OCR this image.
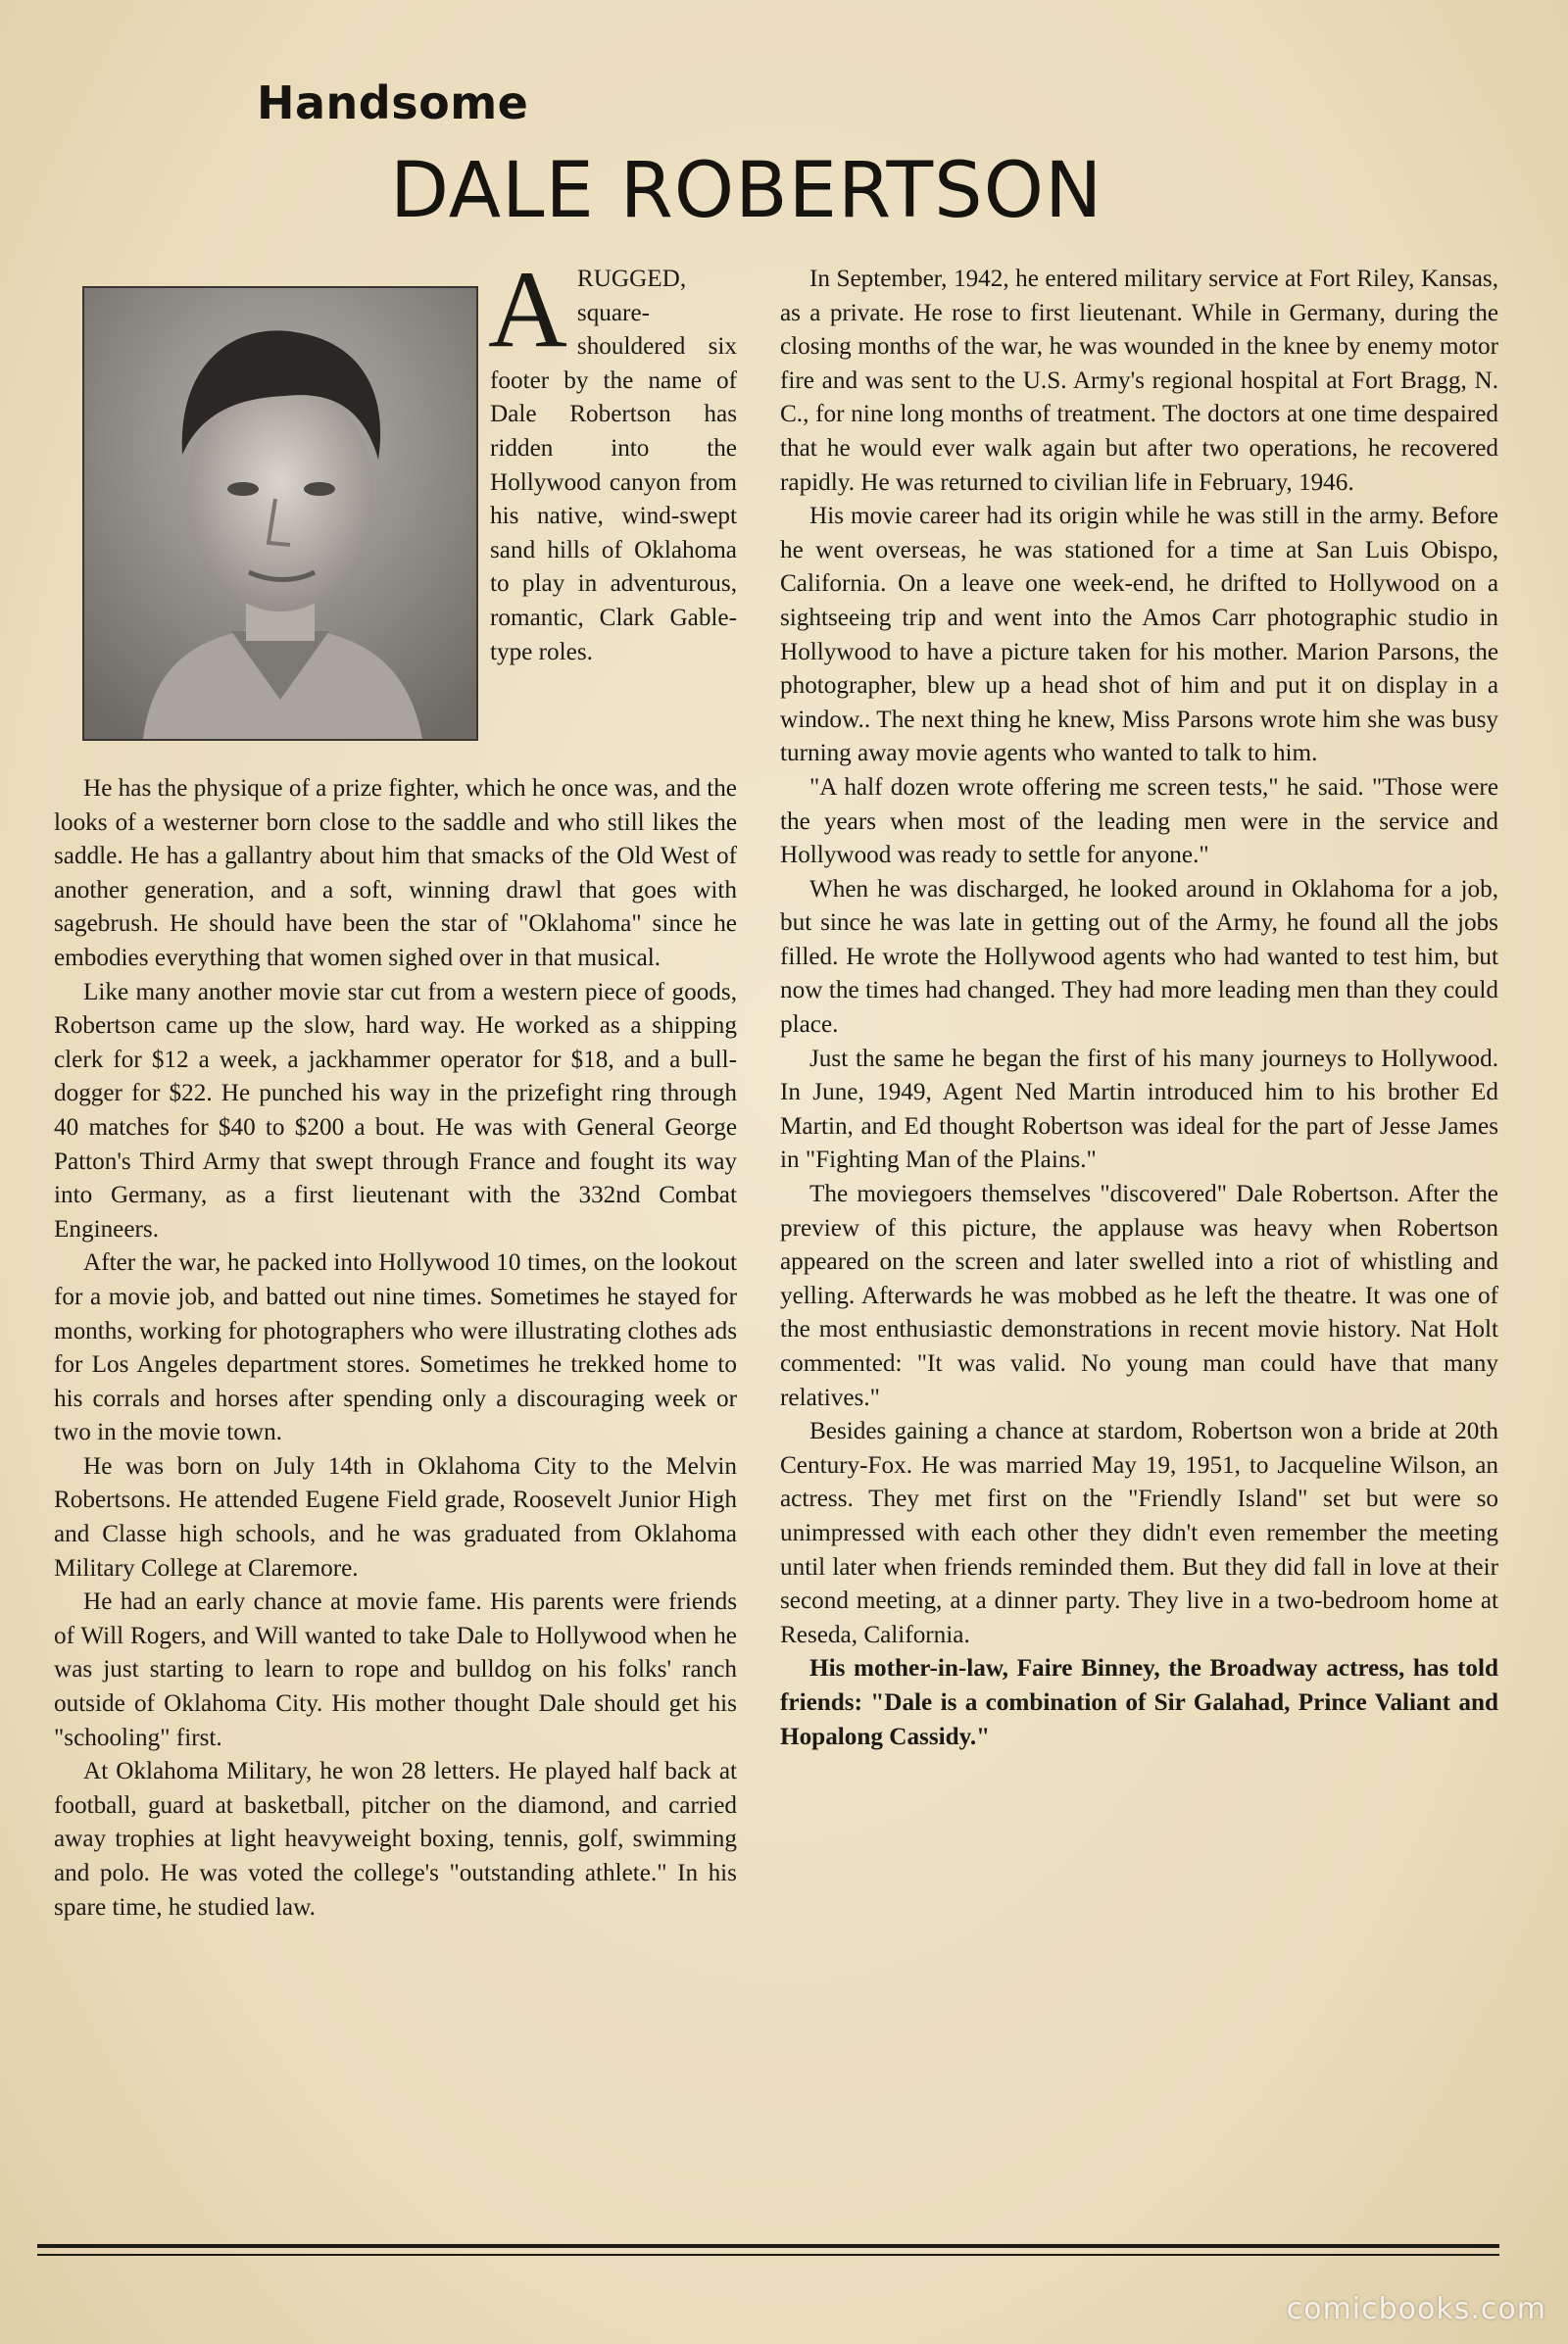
Handsome
DALE ROBERTSON
ARUGGED, square-shouldered six footer by the name of Dale Robertson has ridden into the Hollywood canyon from his native, wind-swept sand hills of Oklahoma to play in adventurous, romantic, Clark Gable-type roles.

He has the physique of a prize fighter, which he once was, and the looks of a westerner born close to the saddle and who still likes the saddle. He has a gallantry about him that smacks of the Old West of another generation, and a soft, winning drawl that goes with sagebrush. He should have been the star of "Oklahoma" since he embodies everything that women sighed over in that musical.

Like many another movie star cut from a western piece of goods, Robertson came up the slow, hard way. He worked as a shipping clerk for $12 a week, a jackhammer operator for $18, and a bull-dogger for $22. He punched his way in the prizefight ring through 40 matches for $40 to $200 a bout. He was with General George Patton's Third Army that swept through France and fought its way into Germany, as a first lieutenant with the 332nd Combat Engineers.

After the war, he packed into Hollywood 10 times, on the lookout for a movie job, and batted out nine times. Sometimes he stayed for months, working for photographers who were illustrating clothes ads for Los Angeles department stores. Sometimes he trekked home to his corrals and horses after spending only a discouraging week or two in the movie town.

He was born on July 14th in Oklahoma City to the Melvin Robertsons. He attended Eugene Field grade, Roosevelt Junior High and Classe high schools, and he was graduated from Oklahoma Military College at Claremore.

He had an early chance at movie fame. His parents were friends of Will Rogers, and Will wanted to take Dale to Hollywood when he was just starting to learn to rope and bulldog on his folks' ranch outside of Oklahoma City. His mother thought Dale should get his "schooling" first.

At Oklahoma Military, he won 28 letters. He played half back at football, guard at basketball, pitcher on the diamond, and carried away trophies at light heavyweight boxing, tennis, golf, swimming and polo. He was voted the college's "outstanding athlete." In his spare time, he studied law.

In September, 1942, he entered military service at Fort Riley, Kansas, as a private. He rose to first lieutenant. While in Germany, during the closing months of the war, he was wounded in the knee by enemy motor fire and was sent to the U.S. Army's regional hospital at Fort Bragg, N. C., for nine long months of treatment. The doctors at one time despaired that he would ever walk again but after two operations, he recovered rapidly. He was returned to civilian life in February, 1946.

His movie career had its origin while he was still in the army. Before he went overseas, he was stationed for a time at San Luis Obispo, California. On a leave one week-end, he drifted to Hollywood on a sightseeing trip and went into the Amos Carr photographic studio in Hollywood to have a picture taken for his mother. Marion Parsons, the photographer, blew up a head shot of him and put it on display in a window.. The next thing he knew, Miss Parsons wrote him she was busy turning away movie agents who wanted to talk to him.

"A half dozen wrote offering me screen tests," he said. "Those were the years when most of the leading men were in the service and Hollywood was ready to settle for anyone."

When he was discharged, he looked around in Oklahoma for a job, but since he was late in getting out of the Army, he found all the jobs filled. He wrote the Hollywood agents who had wanted to test him, but now the times had changed. They had more leading men than they could place.

Just the same he began the first of his many journeys to Hollywood. In June, 1949, Agent Ned Martin introduced him to his brother Ed Martin, and Ed thought Robertson was ideal for the part of Jesse James in "Fighting Man of the Plains."

The moviegoers themselves "discovered" Dale Robertson. After the preview of this picture, the applause was heavy when Robertson appeared on the screen and later swelled into a riot of whistling and yelling. Afterwards he was mobbed as he left the theatre. It was one of the most enthusiastic demonstrations in recent movie history. Nat Holt commented: "It was valid. No young man could have that many relatives."

Besides gaining a chance at stardom, Robertson won a bride at 20th Century-Fox. He was married May 19, 1951, to Jacqueline Wilson, an actress. They met first on the "Friendly Island" set but were so unimpressed with each other they didn't even remember the meeting until later when friends reminded them. But they did fall in love at their second meeting, at a dinner party. They live in a two-bedroom home at Reseda, California.

His mother-in-law, Faire Binney, the Broadway actress, has told friends: "Dale is a combination of Sir Galahad, Prince Valiant and Hopalong Cassidy."

comicbooks.com
